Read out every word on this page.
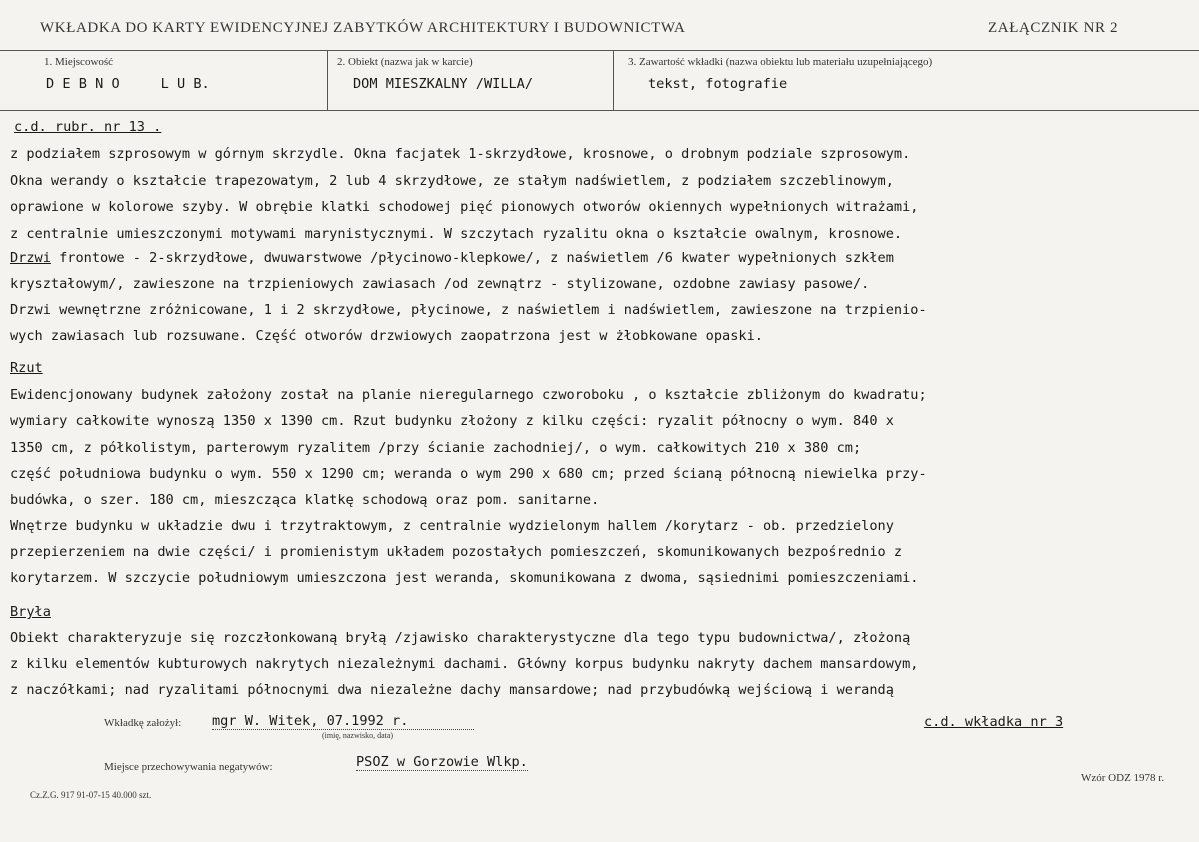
WKŁADKA DO KARTY EWIDENCYJNEJ ZABYTKÓW ARCHITEKTURY I BUDOWNICTWA	ZAŁĄCZNIK NR 2
1. Miejscowość
D E B N O     L U B.
2. Obiekt (nazwa jak w karcie)
DOM MIESZKALNY /WILLA/
3. Zawartość wkładki (nazwa obiektu lub materiału uzupełniającego)
tekst, fotografie
c.d. rubr. nr 13 .
z podziałem szprosowym w górnym skrzydle. Okna facjatek 1-skrzydłowe, krosnowe, o drobnym podziale szprosowym.
Okna werandy o kształcie trapezowatym, 2 lub 4 skrzydłowe, ze stałym nadświetlem, z podziałem szczeblinowym,
oprawione w kolorowe szyby. W obrębie klatki schodowej pięć pionowych otworów okiennych wypełnionych witrażami,
z centralnie umieszczonymi motywami marynistycznymi. W szczytach ryzalitu okna o kształcie owalnym, krosnowe.
Drzwi frontowe - 2-skrzydłowe, dwuwarstwowe /płycinowo-klepkowe/, z naświetlem /6 kwater wypełnionych szkłem
kryształowym/, zawieszone na trzpieniowych zawiasach /od zewnątrz - stylizowane, ozdobne zawiasy pasowe/.
Drzwi wewnętrzne zróżnicowane, 1 i 2 skrzydłowe, płycinowe, z naświetlem i nadświetlem, zawieszone na trzpienio-
wych zawiasach lub rozsuwane. Część otworów drzwiowych zaopatrzona jest w żłobkowane opaski.
Rzut
Ewidencjonowany budynek założony został na planie nieregularnego czworoboku , o kształcie zbliżonym do kwadratu;
wymiary całkowite wynoszą 1350 x 1390 cm. Rzut budynku złożony z kilku części: ryzalit północny o wym. 840 x
1350 cm, z półkolistym, parterowym ryzalitem /przy ścianie zachodniej/, o wym. całkowitych 210 x 380 cm;
część południowa budynku o wym. 550 x 1290 cm; weranda o wym 290 x 680 cm; przed ścianą północną niewielka przy-
budówka, o szer. 180 cm, mieszcząca klatkę schodową oraz pom. sanitarne.
Wnętrze budynku w układzie dwu i trzytraktowym, z centralnie wydzielonym hallem /korytarz - ob. przedzielony
przepierzeniem na dwie części/ i promienistym układem pozostałych pomieszczeń, skomunikowanych bezpośrednio z
korytarzem. W szczycie południowym umieszczona jest weranda, skomunikowana z dwoma, sąsiednimi pomieszczeniami.
Bryła
Obiekt charakteryzuje się rozczłonkowaną bryłą /zjawisko charakterystyczne dla tego typu budownictwa/, złożoną
z kilku elementów kubturowych nakrytych niezależnymi dachami. Główny korpus budynku nakryty dachem mansardowym,
z naczółkami; nad ryzalitami północnymi dwa niezależne dachy mansardowe; nad przybudówką wejściową i werandą
Wkładkę założył: mgr W. Witek, 07.1992 r.
(imię, nazwisko, data)
c.d. wkładka nr 3
Miejsce przechowywania negatywów:	PSOZ w Gorzowie Wlkp.
Wzór ODZ 1978 r.
Cz.Z.G. 917 91-07-15 40.000 szt.
